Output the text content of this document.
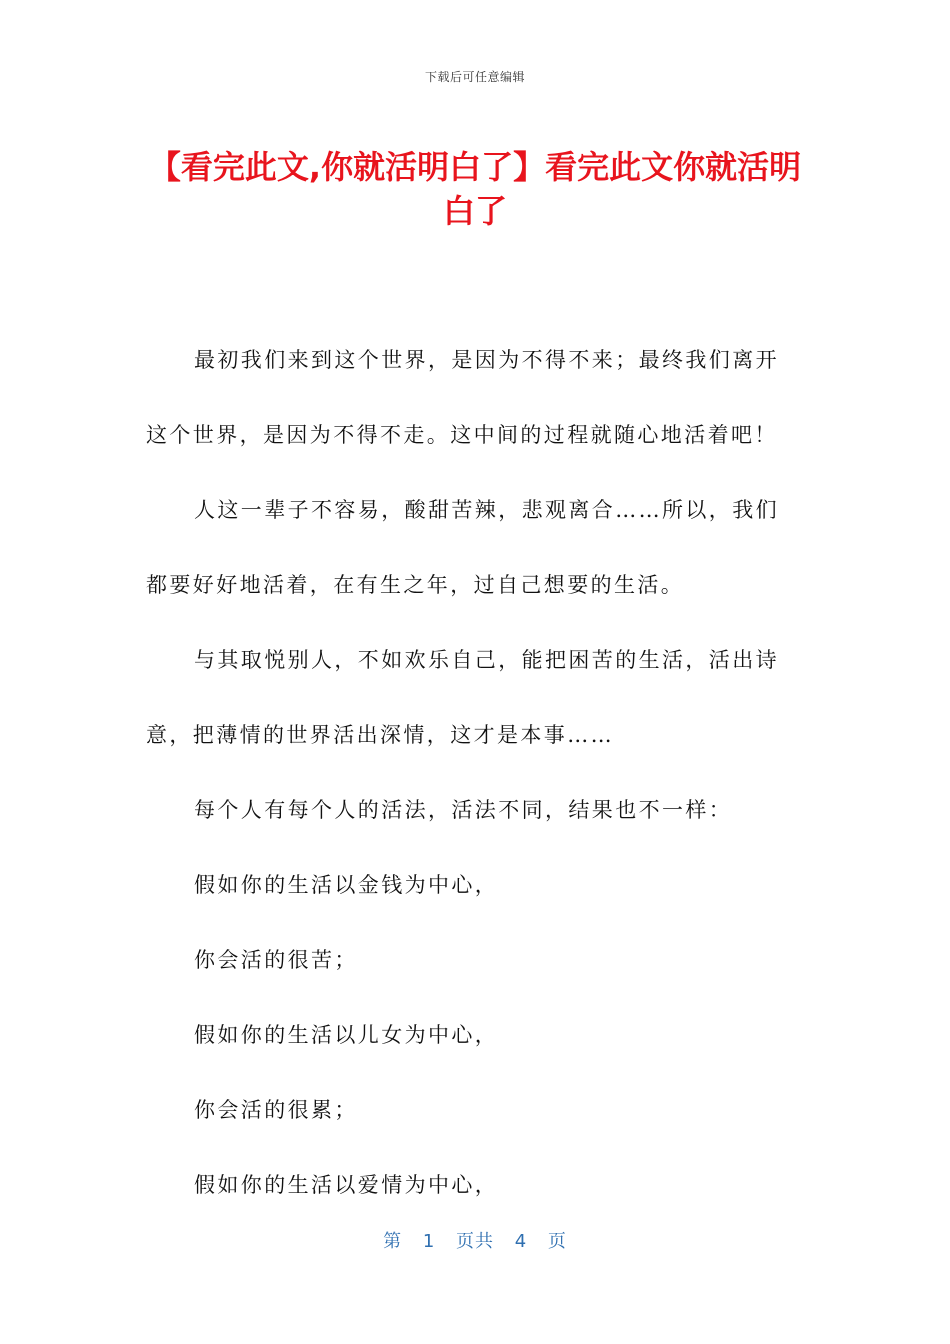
下载后可任意编辑
【看完此文,你就活明白了】看完此文你就活明白了

最初我们来到这个世界，是因为不得不来；最终我们离开这个世界，是因为不得不走。这中间的过程就随心地活着吧！

人这一辈子不容易，酸甜苦辣，悲观离合……所以，我们都要好好地活着，在有生之年，过自己想要的生活。

与其取悦别人，不如欢乐自己，能把困苦的生活，活出诗意，把薄情的世界活出深情，这才是本事……

每个人有每个人的活法，活法不同，结果也不一样：

假如你的生活以金钱为中心，

你会活的很苦；

假如你的生活以儿女为中心，

你会活的很累；

假如你的生活以爱情为中心，

第 1 页共 4 页
